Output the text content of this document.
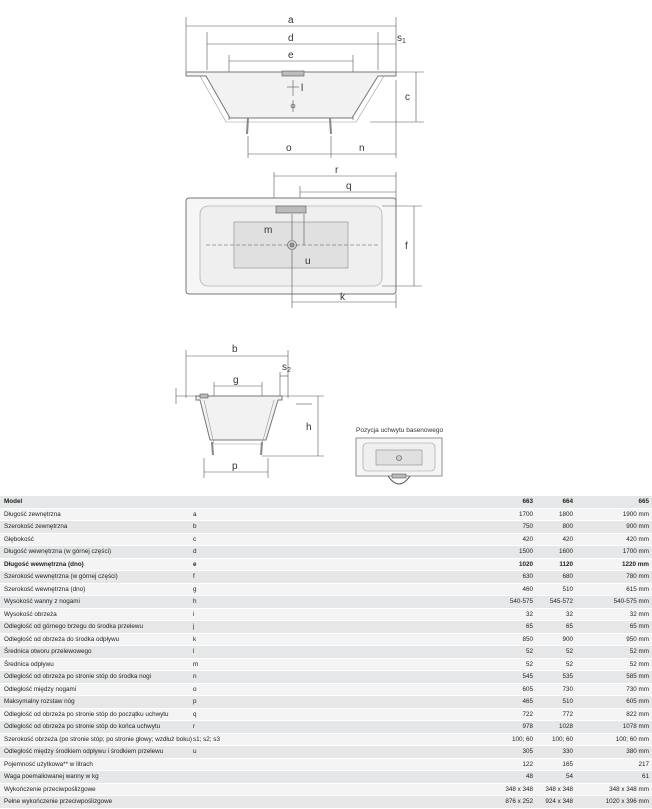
a
d	$s_1$
e
l
c
o	n
r
q
f
u
m
k
b
$s_2$
g
h
p
Pozycja uchwytu basenowego
Model		663	664	665
Długość zewnętrzna	a	1700	1800	1900 mm
Szerokość zewnętrzna	b	750	800	900 mm
Głębokość	c	420	420	420 mm
Długość wewnętrzna (w górnej części)	d	1500	1600	1700 mm
Długość wewnętrzna (dno)	e	1020	1120	1220 mm
Szerokość wewnętrzna (w górnej części)	f	630	680	780 mm
Szerokość wewnętrzna (dno)	g	460	510	615 mm
Wysokość wanny z nogami	h	540-575	545-572	540-575 mm
Wysokość obrzeża	i	32	32	32 mm
Odległość od górnego brzegu do środka przelewu	j	65	65	65 mm
Odległość od obrzeża do środka odpływu	k	850	900	950 mm
Średnica otworu przelewowego	l	52	52	52 mm
Średnica odpływu	m	52	52	52 mm
Odległość od obrzeża po stronie stóp do środka nogi	n	545	535	585 mm
Odległość między nogami	o	605	730	730 mm
Maksymalny rozstaw nóg	p	465	510	605 mm
Odległość od obrzeża po stronie stóp do początku uchwytu	q	722	772	822 mm
Odległość od obrzeża po stronie stóp do końca uchwytu	r	978	1028	1078 mm
Szerokość obrzeża (po stronie stóp; po stronie głowy; wzdłuż boku)	s1; s2; s3	100; 60	100; 60	100; 60 mm
Odległość między środkiem odpływu i środkiem przelewu	u	305	330	380 mm
Pojemność użytkowa** w litrach		122	165	217
Waga poemaliowanej wanny w kg		48	54	61
Wykończenie przeciwpoślizgowe		348 x 348	348 x 348	348 x 348 mm
Pełne wykończenie przeciwpoślizgowe		876 x 252	924 x 348	1020 x 396 mm
